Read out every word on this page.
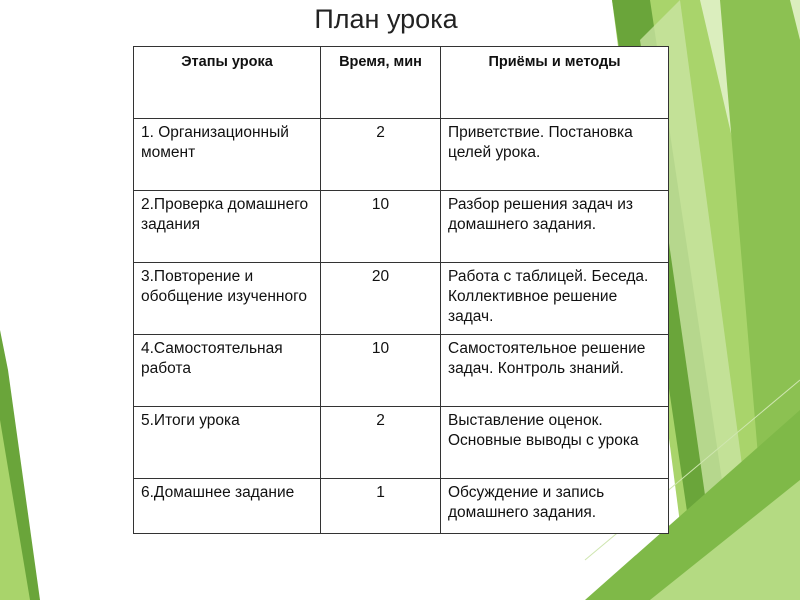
План урока
Этапы урока	Время, мин	Приёмы и методы
1. Организационный момент	2	Приветствие. Постановка целей урока.
2.Проверка домашнего задания	10	Разбор решения задач из домашнего задания.
3.Повторение и обобщение изученного	20	Работа с таблицей. Беседа. Коллективное решение задач.
4.Самостоятельная работа	10	Самостоятельное решение задач. Контроль знаний.
5.Итоги урока	2	Выставление оценок. Основные выводы с урока
6.Домашнее задание	1	Обсуждение и запись домашнего задания.
